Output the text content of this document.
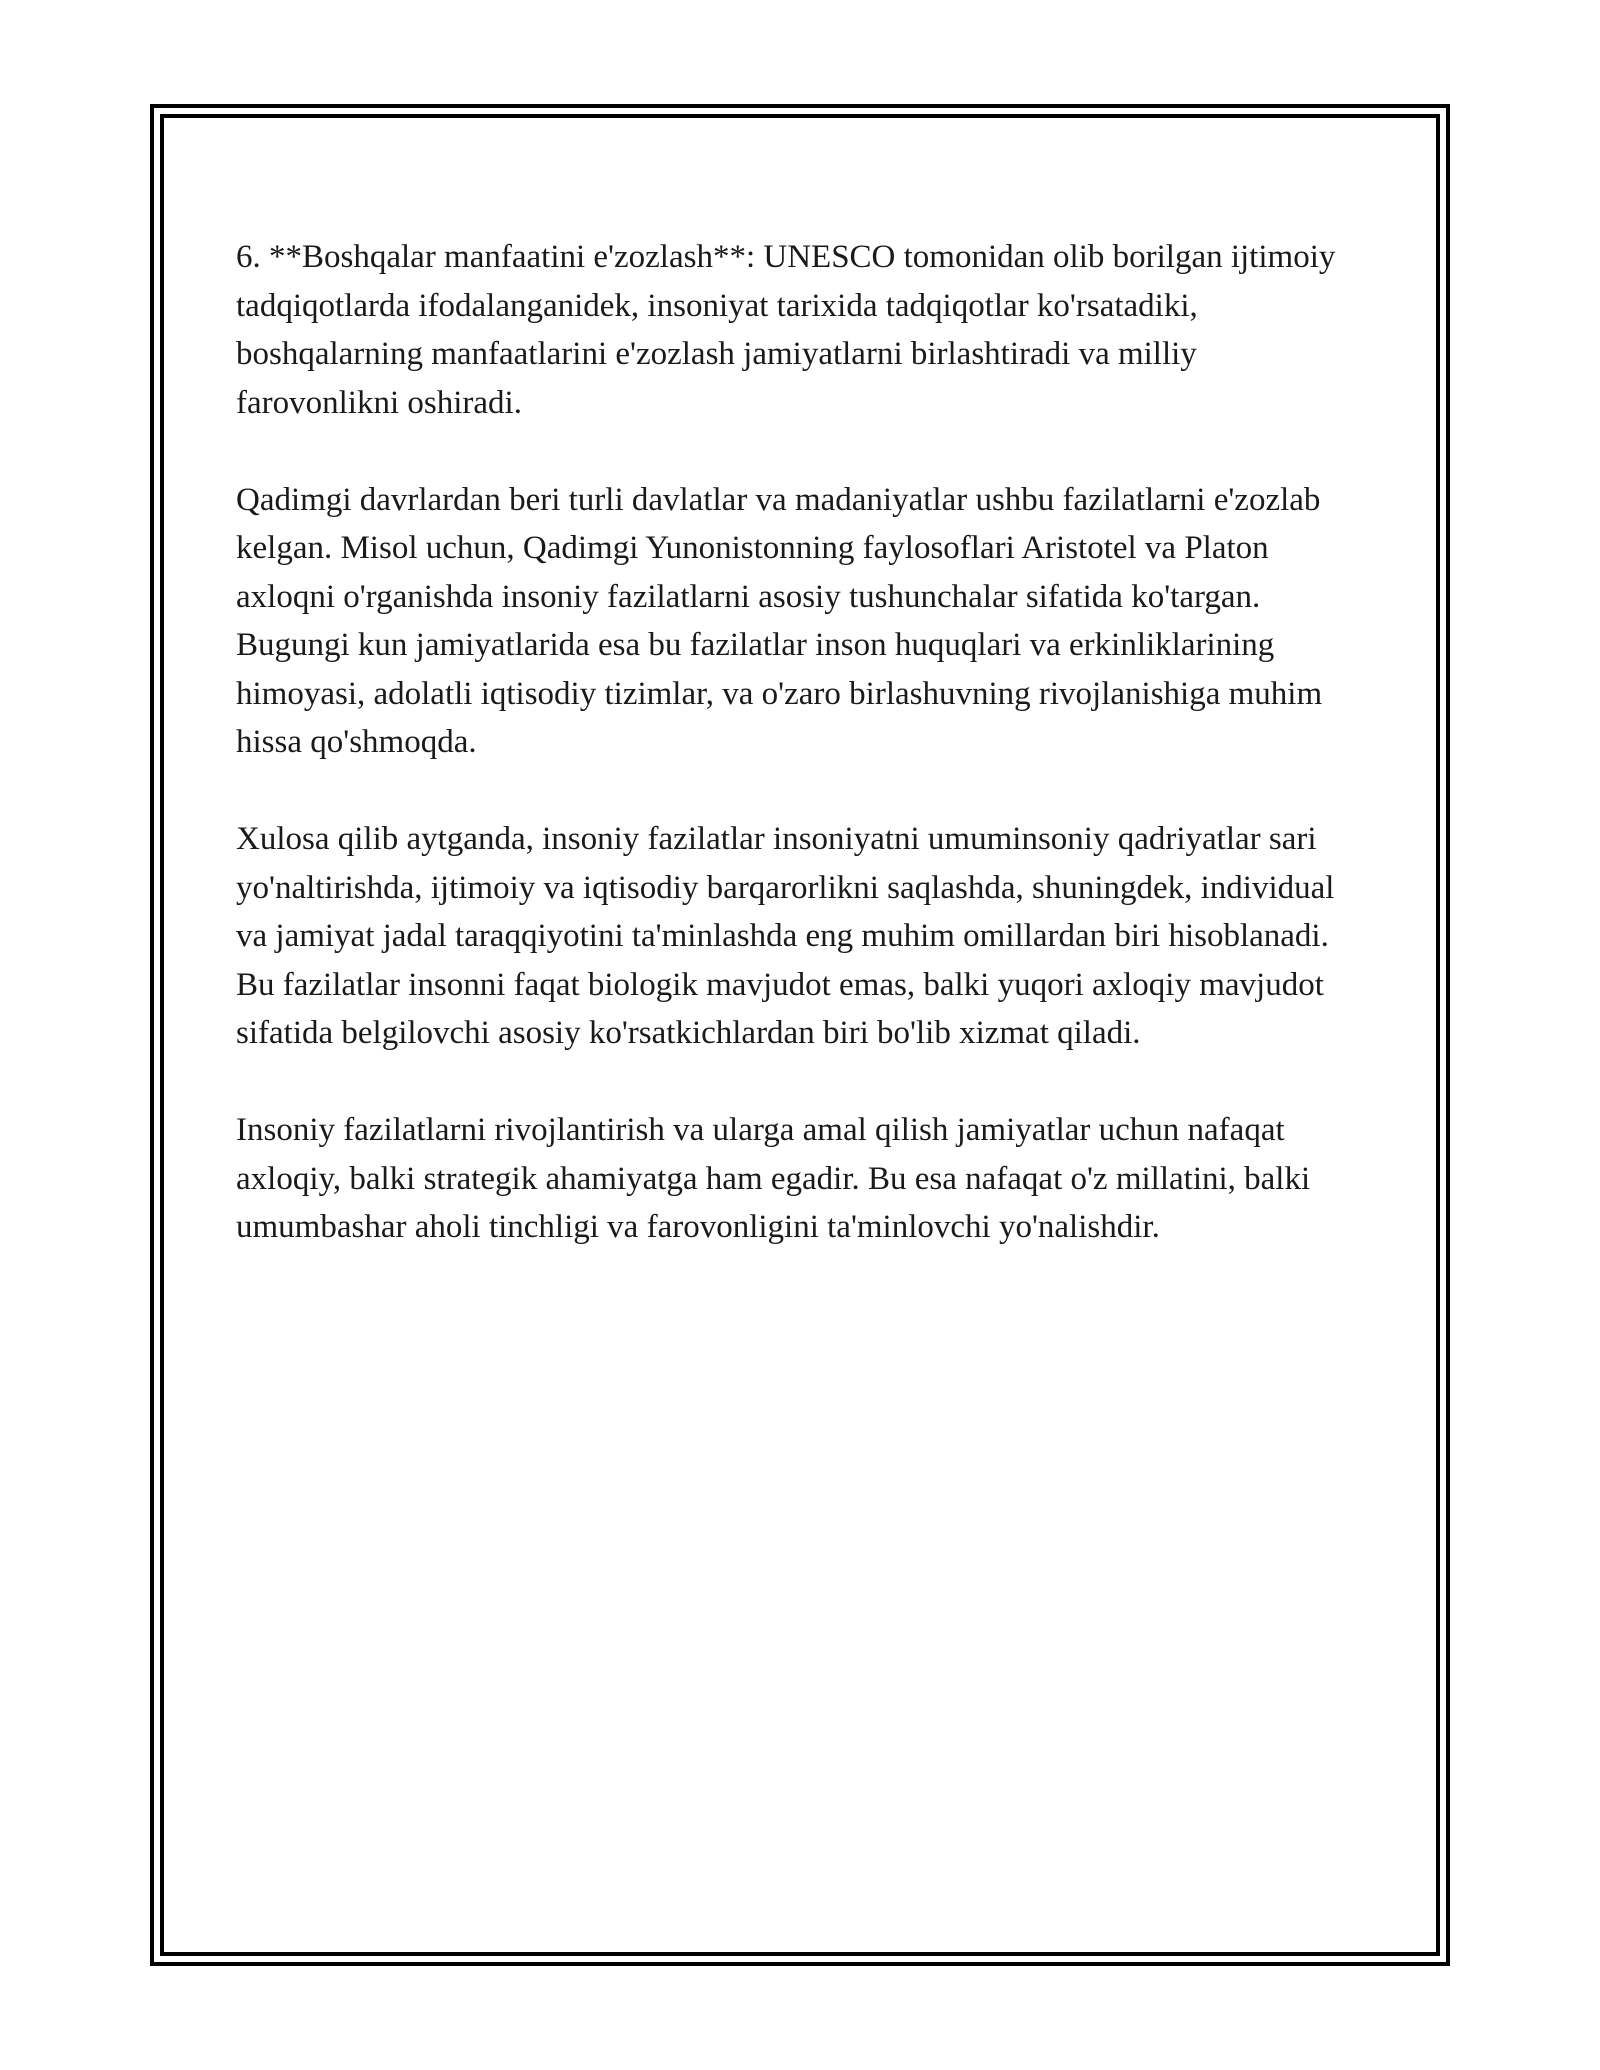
6. **Boshqalar manfaatini e'zozlash**: UNESCO tomonidan olib borilgan ijtimoiy tadqiqotlarda ifodalanganidek, insoniyat tarixida tadqiqotlar ko'rsatadiki, boshqalarning manfaatlarini e'zozlash jamiyatlarni birlashtiradi va milliy farovonlikni oshiradi.

Qadimgi davrlardan beri turli davlatlar va madaniyatlar ushbu fazilatlarni e'zozlab kelgan. Misol uchun, Qadimgi Yunonistonning faylosoflari Aristotel va Platon axloqni o'rganishda insoniy fazilatlarni asosiy tushunchalar sifatida ko'targan. Bugungi kun jamiyatlarida esa bu fazilatlar inson huquqlari va erkinliklarining himoyasi, adolatli iqtisodiy tizimlar, va o'zaro birlashuvning rivojlanishiga muhim hissa qo'shmoqda.

Xulosa qilib aytganda, insoniy fazilatlar insoniyatni umuminsoniy qadriyatlar sari yo'naltirishda, ijtimoiy va iqtisodiy barqarorlikni saqlashda, shuningdek, individual va jamiyat jadal taraqqiyotini ta'minlashda eng muhim omillardan biri hisoblanadi. Bu fazilatlar insonni faqat biologik mavjudot emas, balki yuqori axloqiy mavjudot sifatida belgilovchi asosiy ko'rsatkichlardan biri bo'lib xizmat qiladi.

Insoniy fazilatlarni rivojlantirish va ularga amal qilish jamiyatlar uchun nafaqat axloqiy, balki strategik ahamiyatga ham egadir. Bu esa nafaqat o'z millatini, balki umumbashar aholi tinchligi va farovonligini ta'minlovchi yo'nalishdir.
